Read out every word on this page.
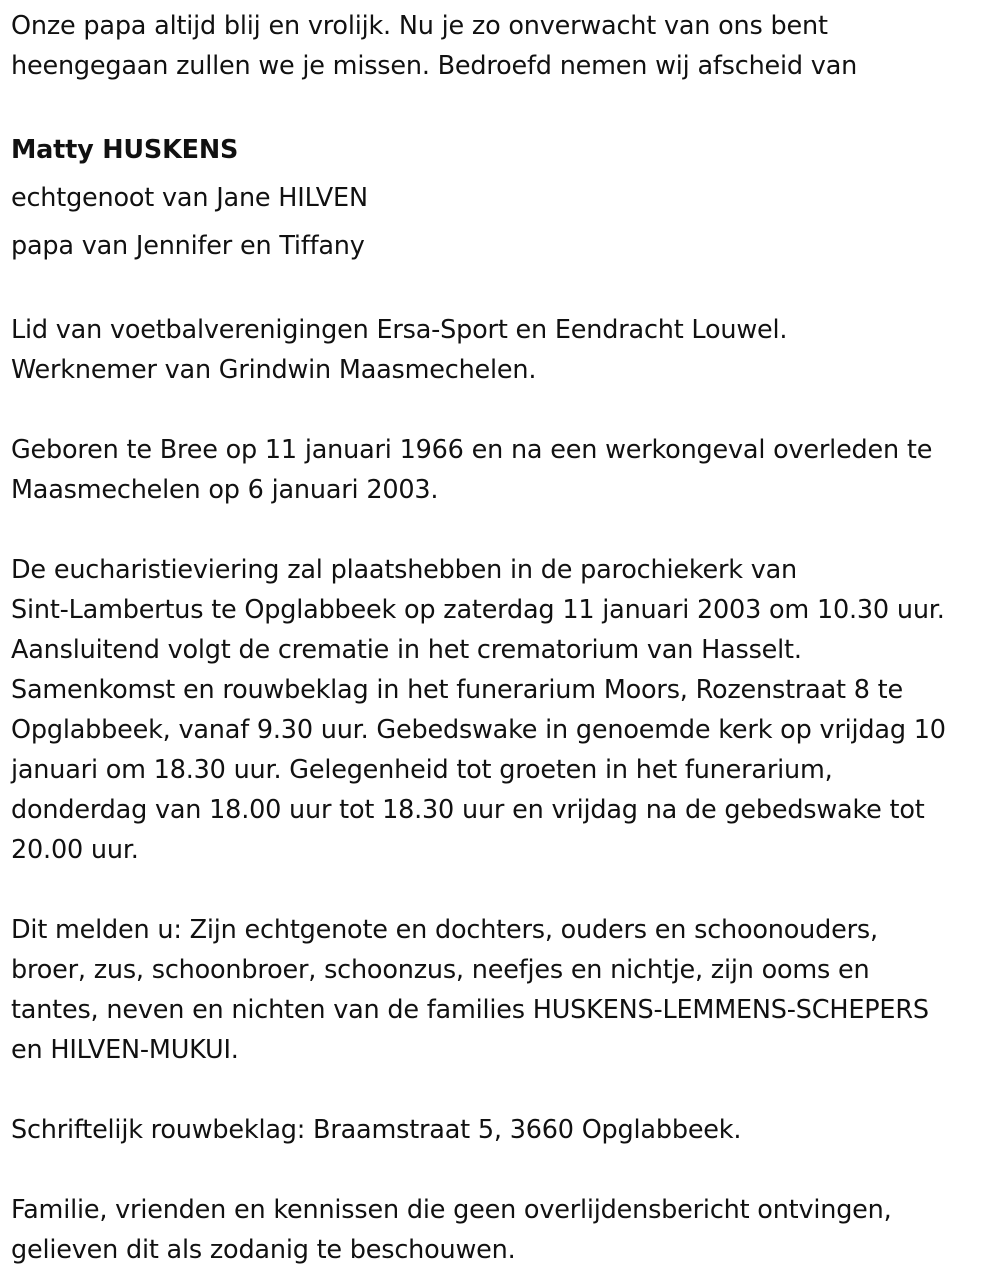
Onze papa altijd blij en vrolijk. Nu je zo onverwacht van ons bent
heengegaan zullen we je missen. Bedroefd nemen wij afscheid van
Matty HUSKENS
echtgenoot van Jane HILVEN
papa van Jennifer en Tiffany
Lid van voetbalverenigingen Ersa-Sport en Eendracht Louwel.
Werknemer van Grindwin Maasmechelen.
Geboren te Bree op 11 januari 1966 en na een werkongeval overleden te
Maasmechelen op 6 januari 2003.
De eucharistieviering zal plaatshebben in de parochiekerk van
Sint-Lambertus te Opglabbeek op zaterdag 11 januari 2003 om 10.30 uur.
Aansluitend volgt de crematie in het crematorium van Hasselt.
Samenkomst en rouwbeklag in het funerarium Moors, Rozenstraat 8 te
Opglabbeek, vanaf 9.30 uur. Gebedswake in genoemde kerk op vrijdag 10
januari om 18.30 uur. Gelegenheid tot groeten in het funerarium,
donderdag van 18.00 uur tot 18.30 uur en vrijdag na de gebedswake tot
20.00 uur.
Dit melden u: Zijn echtgenote en dochters, ouders en schoonouders,
broer, zus, schoonbroer, schoonzus, neefjes en nichtje, zijn ooms en
tantes, neven en nichten van de families HUSKENS-LEMMENS-SCHEPERS
en HILVEN-MUKUI.
Schriftelijk rouwbeklag: Braamstraat 5, 3660 Opglabbeek.
Familie, vrienden en kennissen die geen overlijdensbericht ontvingen,
gelieven dit als zodanig te beschouwen.
